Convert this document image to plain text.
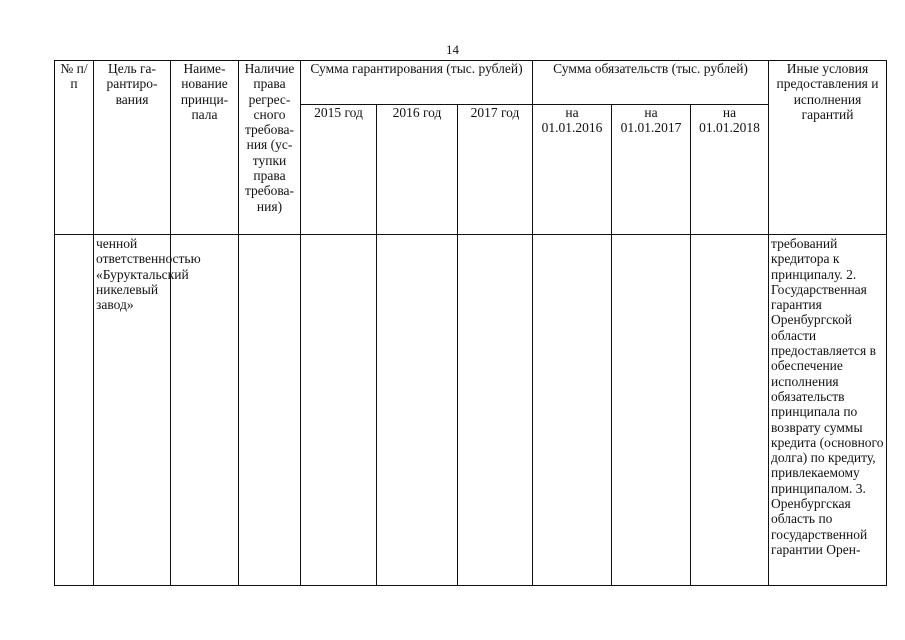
14
№ п/п	Цель га-рантиро-вания	Наиме-нование принци-пала	Наличие права регрес-сного требова-ния (ус-тупки права требова-ния)	Сумма гарантирования (тыс. рублей)			Сумма обязательств (тыс. рублей)			Иные условия предоставления и исполнения гарантий
				2015 год	2016 год	2017 год	на 01.01.2016	на 01.01.2017	на 01.01.2018	
	ченной ответственностью «Буруктальский никелевый завод»									требований кредитора к принципалу. 2. Государственная гарантия Оренбургской области предоставляется в обеспечение исполнения обязательств принципала по возврату суммы кредита (основного долга) по кредиту, привлекаемому принципалом. 3. Оренбургская область по государственной гарантии Орен-
